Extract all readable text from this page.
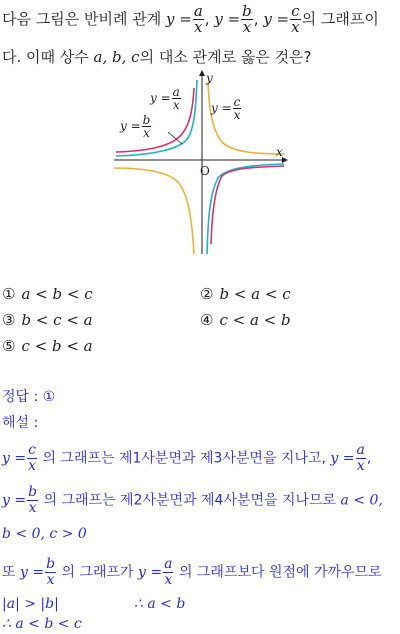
다음 그림은 반비례 관계 $y = \frac{a}{x}$ , $y = \frac{b}{x}$ , $y = \frac{c}{x}$ 의 그래프이
다. 이때 상수 a, b, c의 대소 관계로 옳은 것은?
y
x
O
$y = \frac{a}{x}$	$y = \frac{c}{x}$
$y = \frac{b}{x}$
① a < b < c	② b < a < c
③ b < c < a	④ c < a < b
⑤ c < b < a
정답 : ①
해설 :
$y = \frac{c}{x}$ 의 그래프는 제1사분면과 제3사분면을 지나고, $y = \frac{a}{x}$ ,
$y = \frac{b}{x}$ 의 그래프는 제2사분면과 제4사분면을 지나므로 a < 0,
b < 0, c > 0
또 $y = \frac{b}{x}$ 의 그래프가 $y = \frac{a}{x}$ 의 그래프보다 원점에 가까우므로
|a| > |b|	∴ a < b
∴ a < b < c
